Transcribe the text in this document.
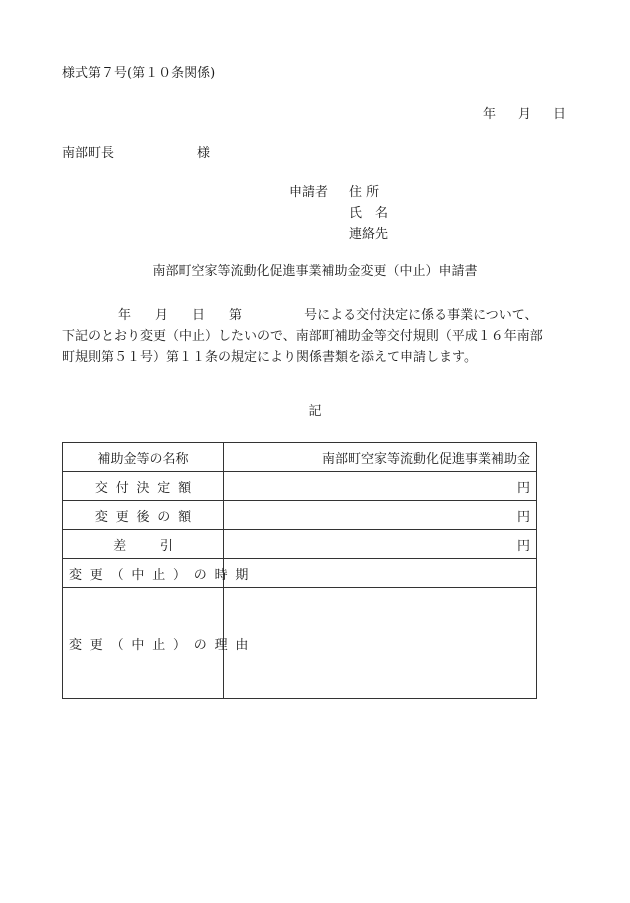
様式第７号(第１０条関係)
年 月 日
南部町長	様
申請者 住 所
氏　名
連絡先
南部町空家等流動化促進事業補助金変更（中止）申請書
年 月 日 第	号による交付決定に係る事業について、
下記のとおり変更（中止）したいので、南部町補助金等交付規則（平成１６年南部
町規則第５１号）第１１条の規定により関係書類を添えて申請します。
記
補助金等の名称	南部町空家等流動化促進事業補助金
交付決定額	円
変更後の額	円
差引	円
変更（中止）の時期	
変更（中止）の理由	
